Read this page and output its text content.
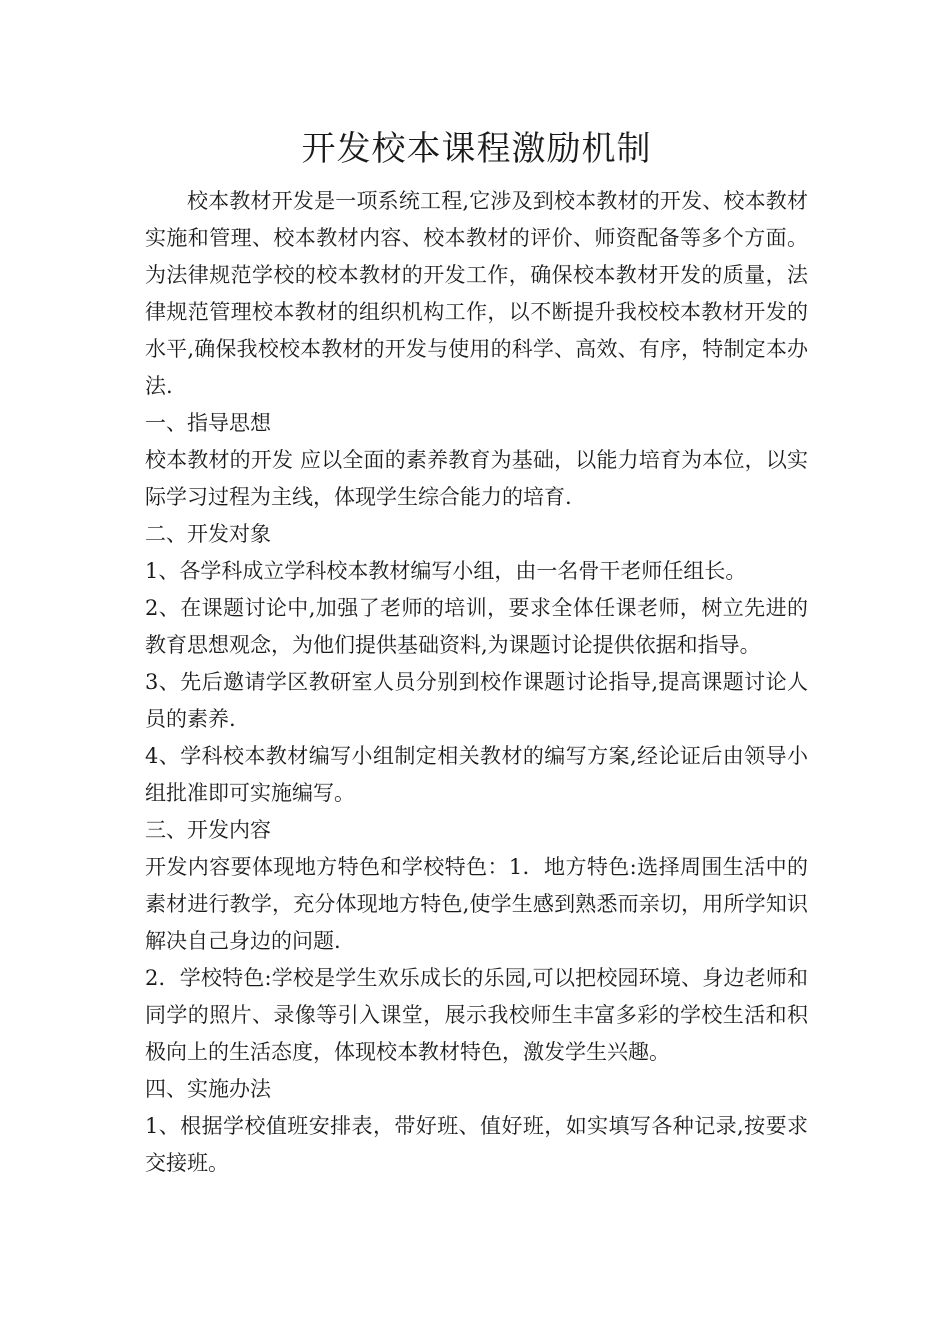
开发校本课程激励机制

校本教材开发是一项系统工程,它涉及到校本教材的开发、校本教材实施和管理、校本教材内容、校本教材的评价、师资配备等多个方面。为法律规范学校的校本教材的开发工作，确保校本教材开发的质量，法律规范管理校本教材的组织机构工作，以不断提升我校校本教材开发的水平,确保我校校本教材的开发与使用的科学、高效、有序，特制定本办法.

一、指导思想

校本教材的开发 应以全面的素养教育为基础，以能力培育为本位，以实际学习过程为主线，体现学生综合能力的培育.

二、开发对象

1、各学科成立学科校本教材编写小组，由一名骨干老师任组长。

2、在课题讨论中,加强了老师的培训，要求全体任课老师，树立先进的教育思想观念，为他们提供基础资料,为课题讨论提供依据和指导。

3、先后邀请学区教研室人员分别到校作课题讨论指导,提高课题讨论人员的素养.

4、学科校本教材编写小组制定相关教材的编写方案,经论证后由领导小组批准即可实施编写。

三、开发内容

开发内容要体现地方特色和学校特色：1．地方特色:选择周围生活中的素材进行教学，充分体现地方特色,使学生感到熟悉而亲切，用所学知识解决自己身边的问题.

2．学校特色:学校是学生欢乐成长的乐园,可以把校园环境、身边老师和同学的照片、录像等引入课堂，展示我校师生丰富多彩的学校生活和积极向上的生活态度，体现校本教材特色，激发学生兴趣。

四、实施办法

1、根据学校值班安排表，带好班、值好班，如实填写各种记录,按要求交接班。
